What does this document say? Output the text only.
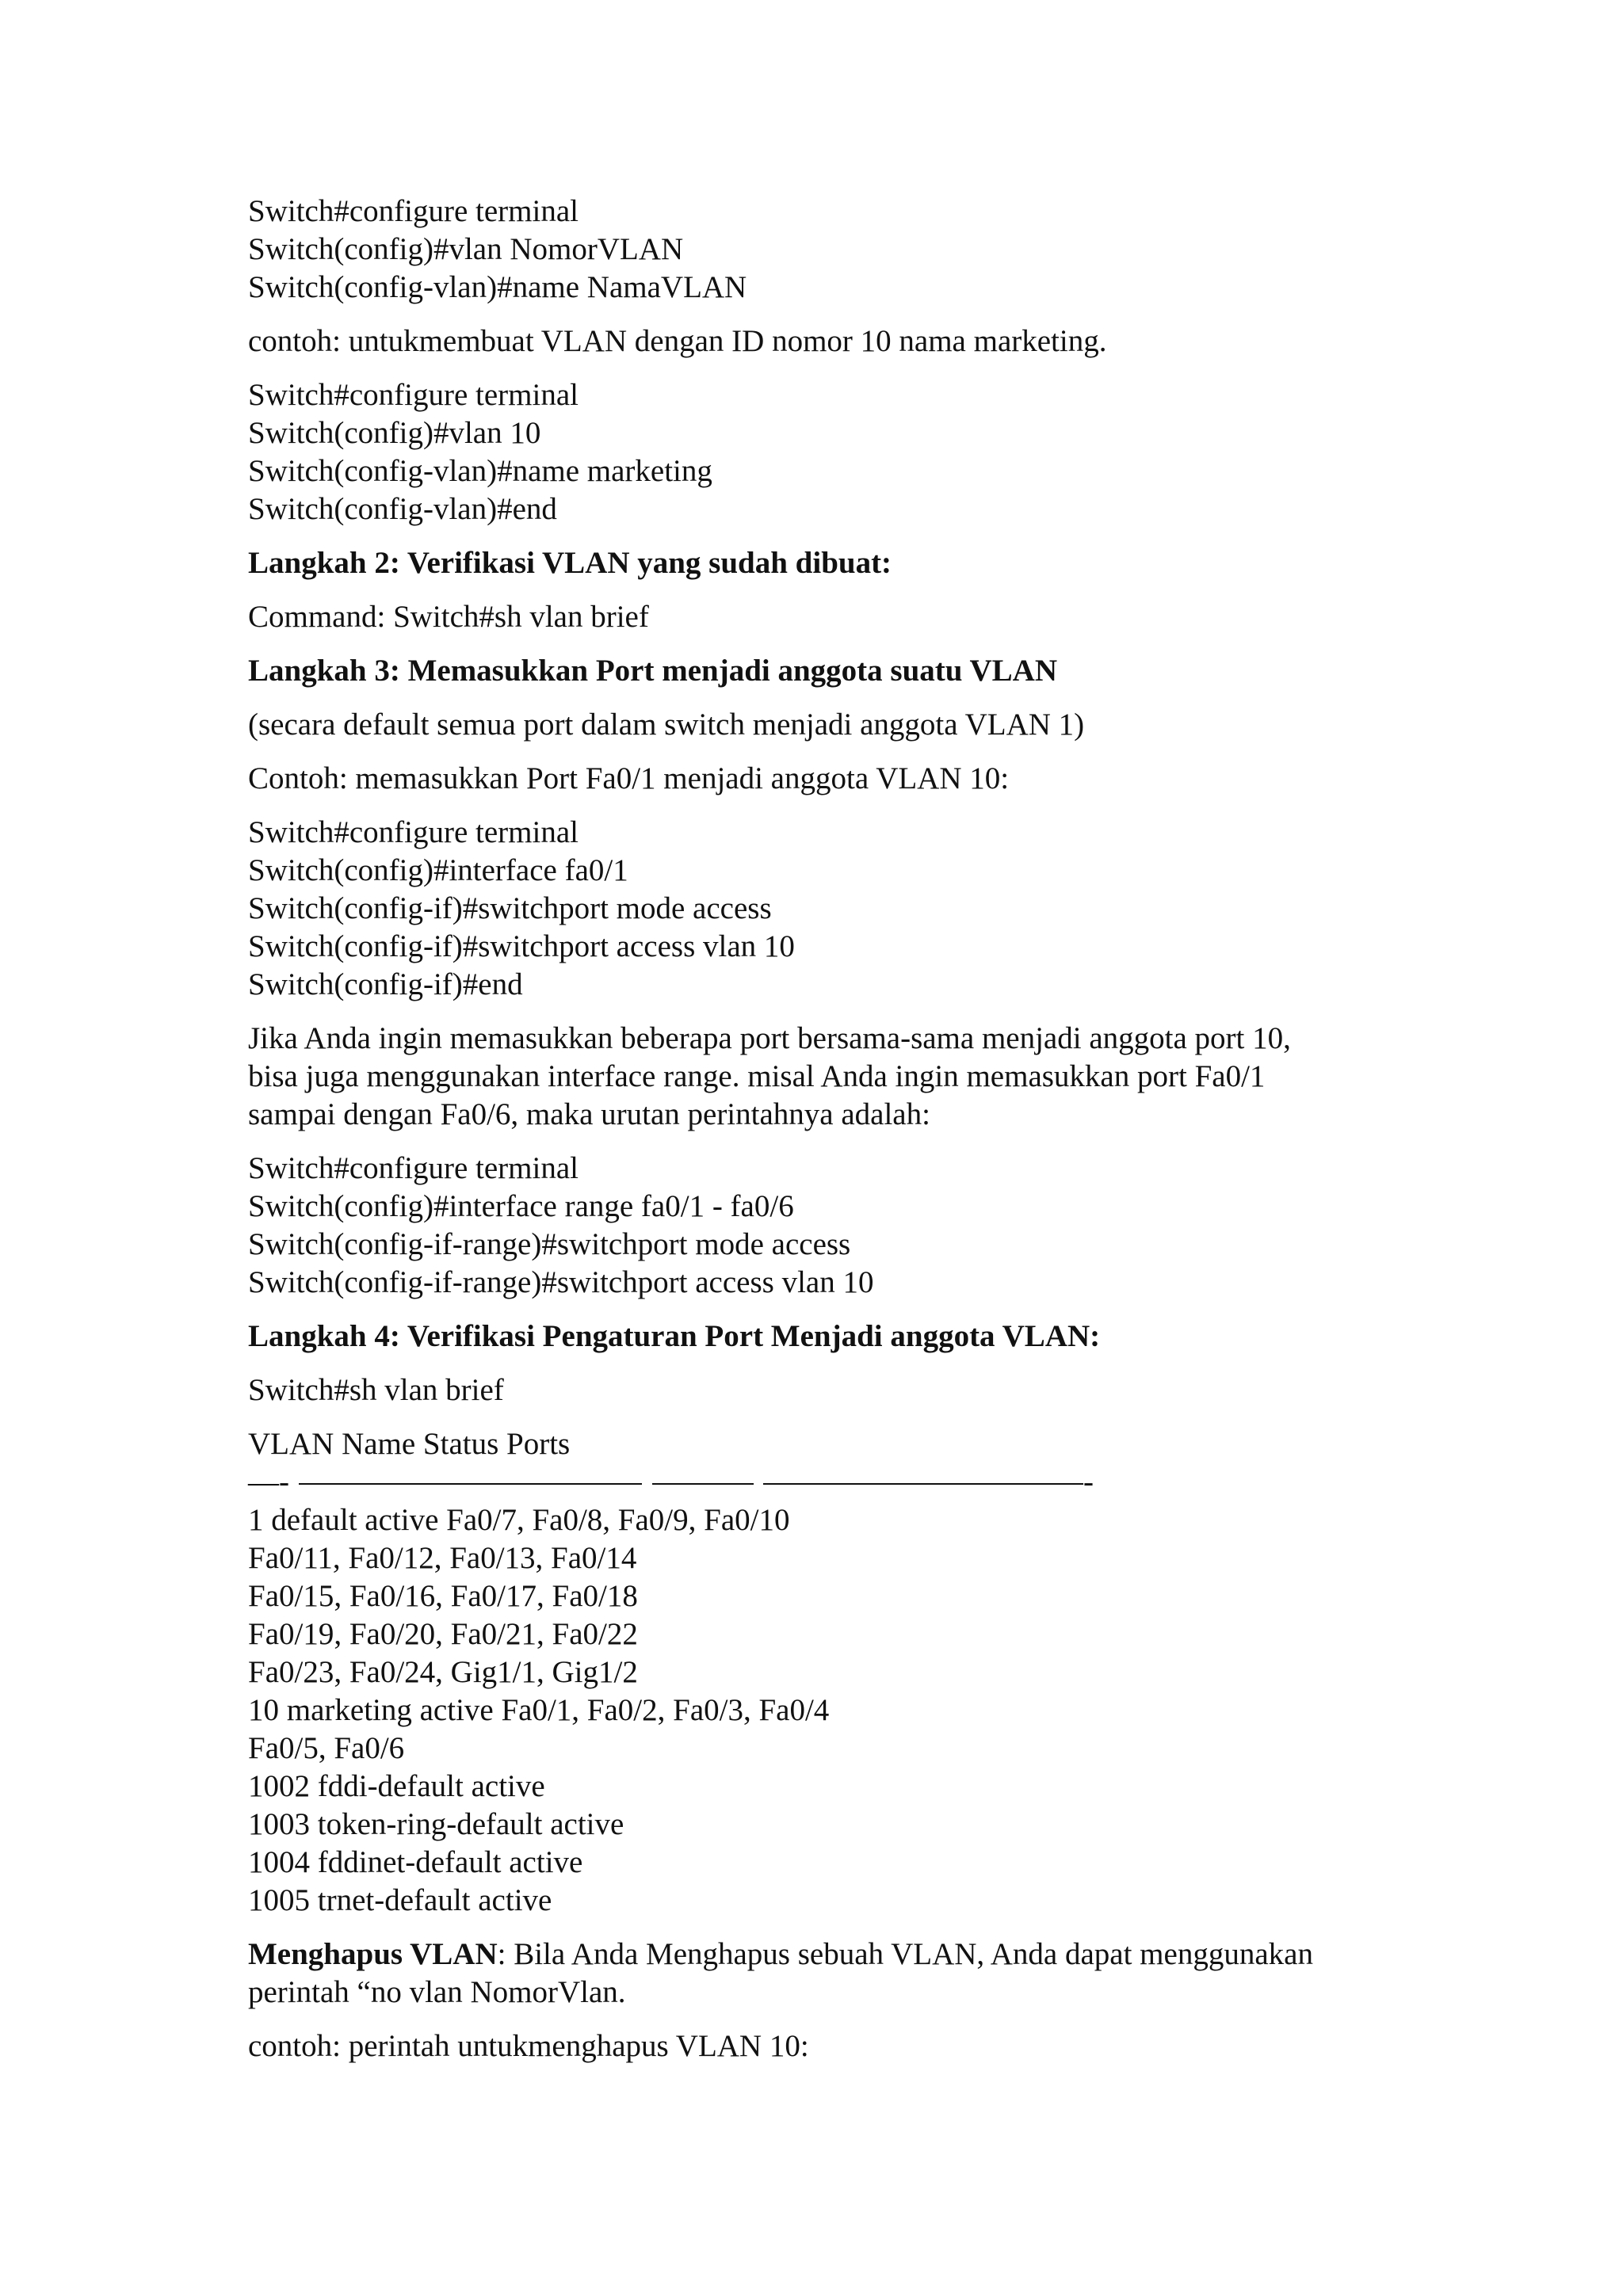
Switch#configure terminal
Switch(config)#vlan NomorVLAN
Switch(config-vlan)#name NamaVLAN
contoh: untukmembuat VLAN dengan ID nomor 10 nama marketing.
Switch#configure terminal
Switch(config)#vlan 10
Switch(config-vlan)#name marketing
Switch(config-vlan)#end
Langkah 2: Verifikasi VLAN yang sudah dibuat:
Command: Switch#sh vlan brief
Langkah 3: Memasukkan Port menjadi anggota suatu VLAN
(secara default semua port dalam switch menjadi anggota VLAN 1)
Contoh: memasukkan Port Fa0/1 menjadi anggota VLAN 10:
Switch#configure terminal
Switch(config)#interface fa0/1
Switch(config-if)#switchport mode access
Switch(config-if)#switchport access vlan 10
Switch(config-if)#end
Jika Anda ingin memasukkan beberapa port bersama-sama menjadi anggota port 10,
bisa juga menggunakan interface range. misal Anda ingin memasukkan port Fa0/1
sampai dengan Fa0/6, maka urutan perintahnya adalah:
Switch#configure terminal
Switch(config)#interface range fa0/1 - fa0/6
Switch(config-if-range)#switchport mode access
Switch(config-if-range)#switchport access vlan 10
Langkah 4: Verifikasi Pengaturan Port Menjadi anggota VLAN:
Switch#sh vlan brief
VLAN Name Status Ports
—-	-
1 default active Fa0/7, Fa0/8, Fa0/9, Fa0/10
Fa0/11, Fa0/12, Fa0/13, Fa0/14
Fa0/15, Fa0/16, Fa0/17, Fa0/18
Fa0/19, Fa0/20, Fa0/21, Fa0/22
Fa0/23, Fa0/24, Gig1/1, Gig1/2
10 marketing active Fa0/1, Fa0/2, Fa0/3, Fa0/4
Fa0/5, Fa0/6
1002 fddi-default active
1003 token-ring-default active
1004 fddinet-default active
1005 trnet-default active
Menghapus VLAN: Bila Anda Menghapus sebuah VLAN, Anda dapat menggunakan
perintah “no vlan NomorVlan.
contoh: perintah untukmenghapus VLAN 10:
